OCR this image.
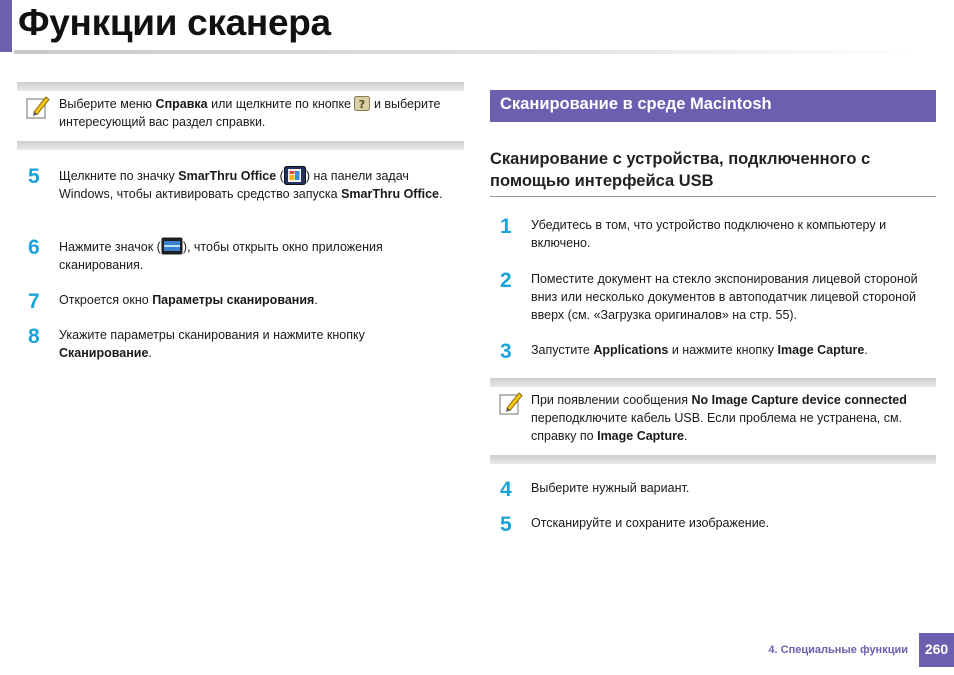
Функции сканера
Выберите меню Справка или щелкните по кнопке ? и выберите интересующий вас раздел справки.
5	Щелкните по значку SmarThru Office ( ) на панели задач Windows, чтобы активировать средство запуска SmarThru Office.
6	Нажмите значок ( ), чтобы открыть окно приложения сканирования.
7	Откроется окно Параметры сканирования.
8	Укажите параметры сканирования и нажмите кнопку Сканирование.
Сканирование в среде Macintosh
Сканирование с устройства, подключенного с помощью интерфейса USB
1	Убедитесь в том, что устройство подключено к компьютеру и включено.
2	Поместите документ на стекло экспонирования лицевой стороной вниз или несколько документов в автоподатчик лицевой стороной вверх (см. «Загрузка оригиналов» на стр. 55).
3	Запустите Applications и нажмите кнопку Image Capture.
При появлении сообщения No Image Capture device connected переподключите кабель USB. Если проблема не устранена, см. справку по Image Capture.
4	Выберите нужный вариант.
5	Отсканируйте и сохраните изображение.
4. Специальные функции	260
